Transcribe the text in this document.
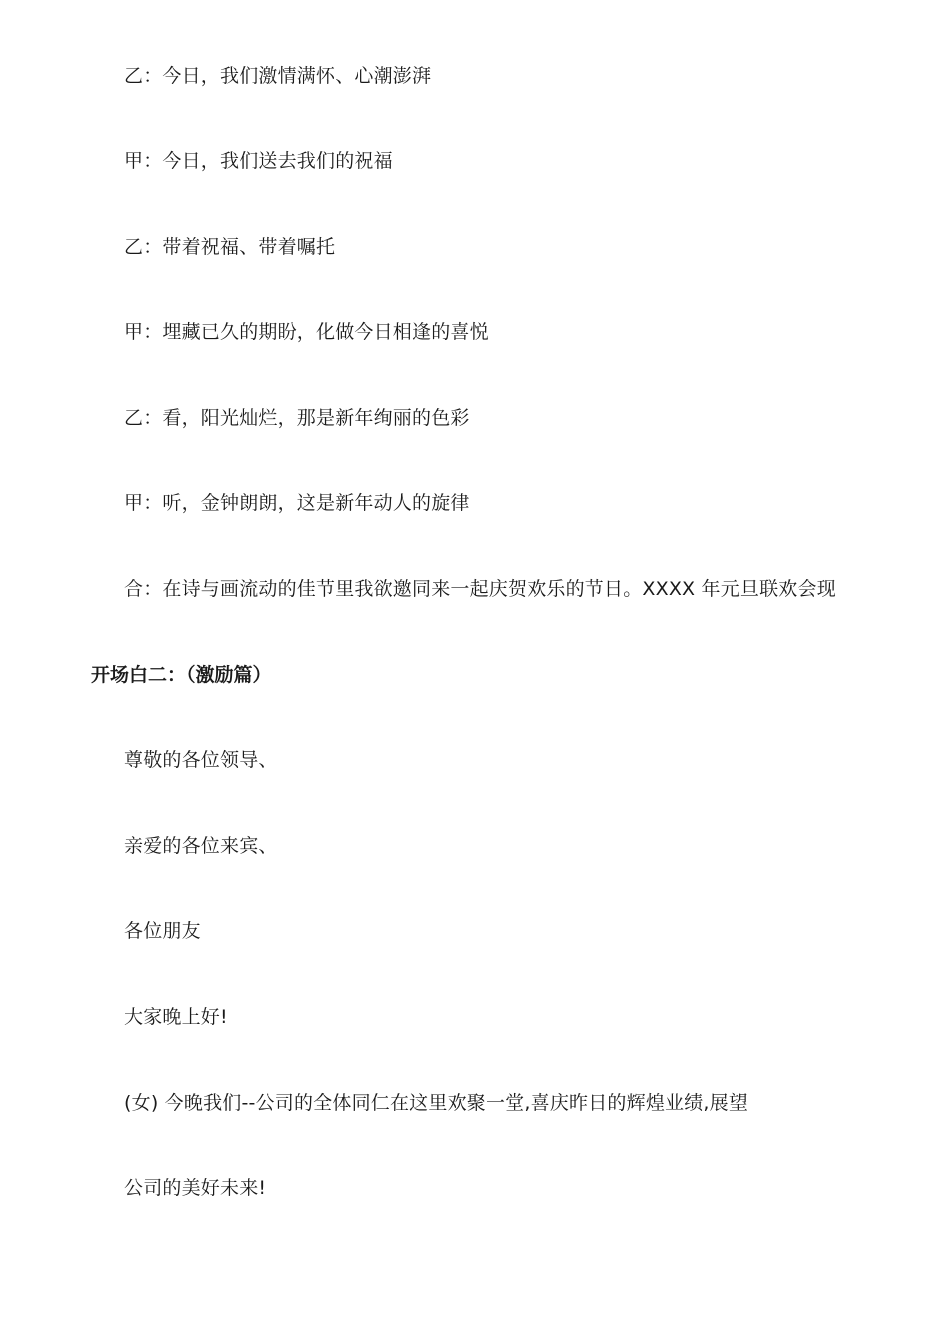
乙：今日，我们激情满怀、心潮澎湃
甲：今日，我们送去我们的祝福
乙：带着祝福、带着嘱托
甲：埋藏已久的期盼，化做今日相逢的喜悦
乙：看，阳光灿烂，那是新年绚丽的色彩
甲：听，金钟朗朗，这是新年动人的旋律
合：在诗与画流动的佳节里我欲邀同来一起庆贺欢乐的节日。XXXX 年元旦联欢会现
开场白二：（激励篇）
尊敬的各位领导、
亲爱的各位来宾、
各位朋友
大家晚上好!
(女) 今晚我们--公司的全体同仁在这里欢聚一堂,喜庆昨日的辉煌业绩,展望
公司的美好未来!
